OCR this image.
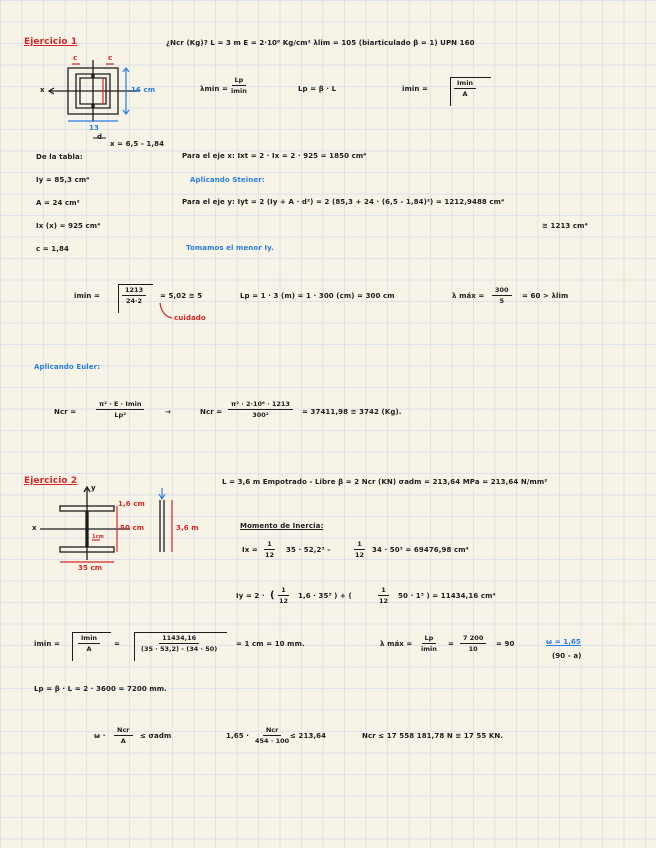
Ejercicio 1	¿Ncr (Kg)? L = 3 m E = 2·10⁶ Kg/cm² λlim = 105 (biarticulado β = 1) UPN 160
c	c
16 cm
13
x
d
x = 6,5 - 1,84
λmin =
Lp
imin	Lp = β · L	imin =
Imin
A
De la tabla:	Para el eje x: Ixt = 2 · Ix = 2 · 925 = 1850 cm⁴
Iy = 85,3 cm⁴	Aplicando Steiner:
A = 24 cm²	Para el eje y: Iyt = 2 (Iy + A · d²) = 2 (85,3 + 24 · (6,5 - 1,84)²) = 1212,9488 cm⁴
Ix (x) = 925 cm⁴	≅ 1213 cm⁴
c = 1,84	Tomamos el menor Iy.
imin =	$\frac{1213}{24\cdot 2} = 5,02$ ≅ 5
cuidado
Lp = 1 · 3 (m) = 1 · 300 (cm) = 300 cm	λ máx = $\frac{300}{5} = 60 > \lambda\lim$
Aplicando Euler:
Ncr =
π² · E · Imin
Lp²	→	Ncr = $\frac{\text{π² · 2·10⁶ · 1213}}{\text{300²}} = 37411,98$ ≅ 3742 (Kg).
Ejercicio 2	L = 3,6 m Empotrado - Libre β = 2 Ncr (KN) σadm = 213,64 MPa = 213,64 N/mm²
y
x
1,6 cm
50 cm
35 cm
1cm
3,6 m	Momento de Inercia:
$Ix = \frac{1}{12} 35 \cdot 52,2^3$ –	$\frac{1}{12} 34 \cdot 50^3 = 69476,98$ cm⁴
Iy = 2 · ( $\frac{1}{12} 1,6 \cdot 35^3$ ) + (	$\frac{1}{12} 50 \cdot 1^3$ ) = 11434,16 cm⁴
imin =
Imin
A
=	$\frac{11434,16}{(35 \cdot 53,2) - (34 \cdot 50)} = 1$ cm = 10 mm.	λ máx =
Lp
imin
= $\frac{7 200}{10} = 90$	ω = 1,65
(90 - a)
Lp = β · L = 2 · 3600 = 7200 mm.
ω ·
Ncr
A
≤ σadm	1,65 ·
Ncr
454 · 100
≤ 213,64	Ncr ≤ 17 558 181,78 N ≅ 17 55 KN.
